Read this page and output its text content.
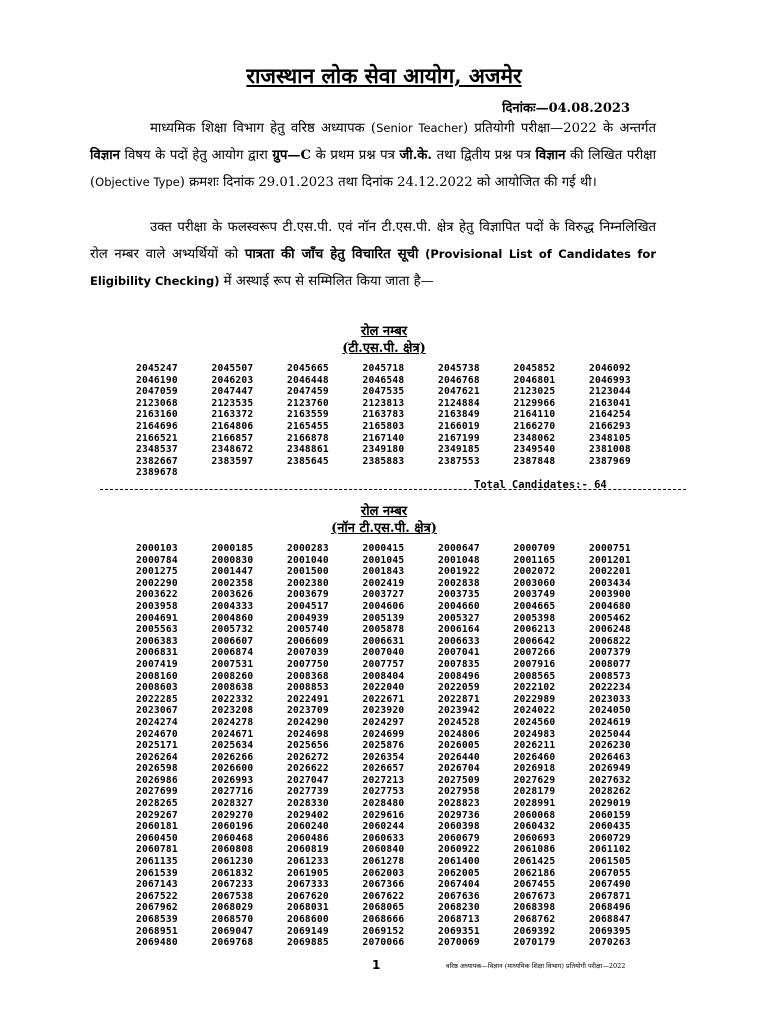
राजस्थान लोक सेवा आयोग, अजमेर
दिनांकः—04.08.2023

माध्यमिक शिक्षा विभाग हेतु वरिष्ठ अध्यापक (Senior Teacher) प्रतियोगी परीक्षा—2022 के अन्तर्गत विज्ञान विषय के पदों हेतु आयोग द्वारा ग्रुप—C के प्रथम प्रश्न पत्र जी.के. तथा द्वितीय प्रश्न पत्र विज्ञान की लिखित परीक्षा (Objective Type) क्रमशः दिनांक 29.01.2023 तथा दिनांक 24.12.2022 को आयोजित की गई थी।

उक्त परीक्षा के फलस्वरूप टी.एस.पी. एवं नॉन टी.एस.पी. क्षेत्र हेतु विज्ञापित पदों के विरुद्ध निम्नलिखित रोल नम्बर वाले अभ्यर्थियों को पात्रता की जाँच हेतु विचारित सूची (Provisional List of Candidates for Eligibility Checking) में अस्थाई रूप से सम्मिलित किया जाता है—

रोल नम्बर
(टी.एस.पी. क्षेत्र)
2045247	2045507	2045665	2045718	2045738	2045852	2046092
2046190	2046203	2046448	2046548	2046768	2046801	2046993
2047059	2047447	2047459	2047535	2047621	2123025	2123044
2123068	2123535	2123760	2123813	2124884	2129966	2163041
2163160	2163372	2163559	2163783	2163849	2164110	2164254
2164696	2164806	2165455	2165803	2166019	2166270	2166293
2166521	2166857	2166878	2167140	2167199	2348062	2348105
2348537	2348672	2348861	2349180	2349185	2349540	2381008
2382667	2383597	2385645	2385883	2387553	2387848	2387969
2389678
Total Candidates:- 64
रोल नम्बर
(नॉन टी.एस.पी. क्षेत्र)
2000103	2000185	2000283	2000415	2000647	2000709	2000751
2000784	2000830	2001040	2001045	2001048	2001165	2001201
2001275	2001447	2001500	2001843	2001922	2002072	2002201
2002290	2002358	2002380	2002419	2002838	2003060	2003434
2003622	2003626	2003679	2003727	2003735	2003749	2003900
2003958	2004333	2004517	2004606	2004660	2004665	2004680
2004691	2004860	2004939	2005139	2005327	2005398	2005462
2005563	2005732	2005740	2005878	2006164	2006213	2006248
2006383	2006607	2006609	2006631	2006633	2006642	2006822
2006831	2006874	2007039	2007040	2007041	2007266	2007379
2007419	2007531	2007750	2007757	2007835	2007916	2008077
2008160	2008260	2008368	2008404	2008496	2008565	2008573
2008603	2008638	2008853	2022040	2022059	2022102	2022234
2022285	2022332	2022491	2022671	2022871	2022989	2023033
2023067	2023208	2023709	2023920	2023942	2024022	2024050
2024274	2024278	2024290	2024297	2024528	2024560	2024619
2024670	2024671	2024698	2024699	2024806	2024983	2025044
2025171	2025634	2025656	2025876	2026005	2026211	2026230
2026264	2026266	2026272	2026354	2026440	2026460	2026463
2026598	2026600	2026622	2026657	2026704	2026918	2026949
2026986	2026993	2027047	2027213	2027509	2027629	2027632
2027699	2027716	2027739	2027753	2027958	2028179	2028262
2028265	2028327	2028330	2028480	2028823	2028991	2029019
2029267	2029270	2029402	2029616	2029736	2060068	2060159
2060181	2060196	2060240	2060244	2060398	2060432	2060435
2060450	2060468	2060486	2060633	2060679	2060693	2060729
2060781	2060808	2060819	2060840	2060922	2061086	2061102
2061135	2061230	2061233	2061278	2061400	2061425	2061505
2061539	2061832	2061905	2062003	2062005	2062186	2067055
2067143	2067233	2067333	2067366	2067404	2067455	2067490
2067522	2067538	2067620	2067622	2067636	2067673	2067871
2067962	2068029	2068031	2068065	2068230	2068398	2068496
2068539	2068570	2068600	2068666	2068713	2068762	2068847
2068951	2069047	2069149	2069152	2069351	2069392	2069395
2069480	2069768	2069885	2070066	2070069	2070179	2070263
1	वरिष्ठ अध्यापक—विज्ञान (माध्यमिक शिक्षा विभाग) प्रतियोगी परीक्षा—2022
